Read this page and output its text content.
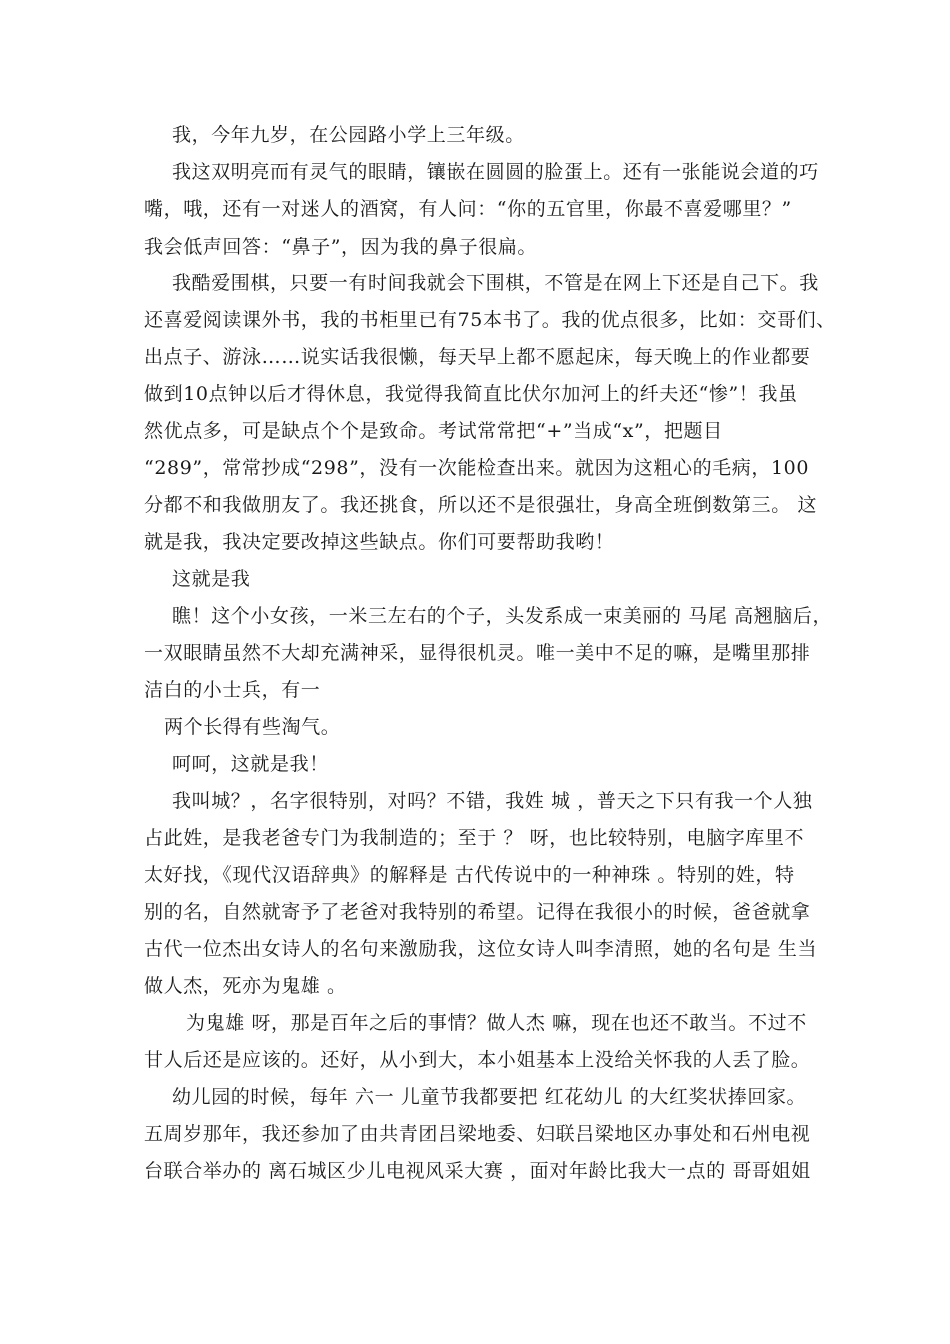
我，今年九岁，在公园路小学上三年级。
我这双明亮而有灵气的眼睛，镶嵌在圆圆的脸蛋上。还有一张能说会道的巧
嘴，哦，还有一对迷人的酒窝，有人问：“你的五官里，你最不喜爱哪里？”
我会低声回答：“鼻子”，因为我的鼻子很扁。
我酷爱围棋，只要一有时间我就会下围棋，不管是在网上下还是自己下。我
还喜爱阅读课外书，我的书柜里已有75本书了。我的优点很多，比如：交哥们、
出点子、游泳……说实话我很懒，每天早上都不愿起床，每天晚上的作业都要
做到10点钟以后才得休息，我觉得我简直比伏尔加河上的纤夫还“惨”！我虽
然优点多，可是缺点个个是致命。考试常常把“+”当成“x”，把题目
“289”，常常抄成“298”，没有一次能检查出来。就因为这粗心的毛病，100
分都不和我做朋友了。我还挑食，所以还不是很强壮，身高全班倒数第三。 这
就是我，我决定要改掉这些缺点。你们可要帮助我哟！
这就是我
瞧！这个小女孩，一米三左右的个子，头发系成一束美丽的 马尾 高翘脑后，
一双眼睛虽然不大却充满神采，显得很机灵。唯一美中不足的嘛，是嘴里那排
洁白的小士兵，有一
两个长得有些淘气。
呵呵，这就是我！
我叫城？，名字很特别，对吗？不错，我姓 城 ，普天之下只有我一个人独
占此姓，是我老爸专门为我制造的；至于 ？ 呀，也比较特别，电脑字库里不
太好找，《现代汉语辞典》的解释是 古代传说中的一种神珠 。特别的姓，特
别的名，自然就寄予了老爸对我特别的希望。记得在我很小的时候，爸爸就拿
古代一位杰出女诗人的名句来激励我，这位女诗人叫李清照，她的名句是 生当
做人杰，死亦为鬼雄 。
为鬼雄 呀，那是百年之后的事情？做人杰 嘛，现在也还不敢当。不过不
甘人后还是应该的。还好，从小到大，本小姐基本上没给关怀我的人丢了脸。
幼儿园的时候，每年 六一 儿童节我都要把 红花幼儿 的大红奖状捧回家。
五周岁那年，我还参加了由共青团吕梁地委、妇联吕梁地区办事处和石州电视
台联合举办的 离石城区少儿电视风采大赛 ，面对年龄比我大一点的 哥哥姐姐
